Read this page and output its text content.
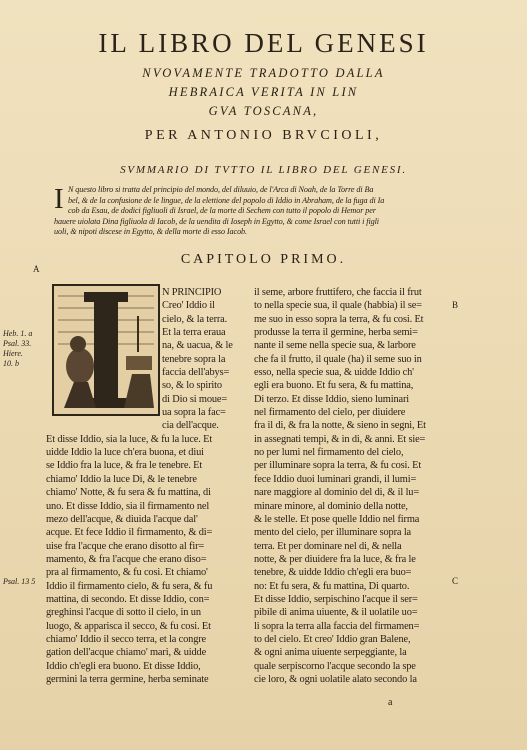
IL LIBRO DEL GENESI
NVOVAMENTE TRADOTTO DALLA
HEBRAICA VERITA IN LIN
GVA TOSCANA,
PER ANTONIO BRVCIOLI,
SVMMARIO DI TVTTO IL LIBRO DEL GENESI.
I N questo libro si tratta del principio del mondo, del diluuio, de l'Arca di Noah, de la Torre di Ba
bel, & de la confusione de le lingue, de la elettione del popolo di Iddio in Abraham, de la fuga di Ia
cob da Esau, de dodici figliuoli di Israel, de la morte di Sechem con tutto il popolo di Hemor per
hauere uiolata Dina figliuola di Iacob, de la uendita di Ioseph in Egytto, & come Israel con tutti i figli
uoli, & nipoti discese in Egytto, & della morte di esso Iacob.
CAPITOLO PRIMO.
A
B
C
Heb. 1. a
Psal. 33.
Hiere.
10. b
Psal. 13 5
N PRINCIPIO
Creo' Iddio il
cielo, & la terra.
Et la terra eraua
na, & uacua, & le
tenebre sopra la
faccia dell'abys=
so, & lo spirito
di Dio si moue=
ua sopra la fac=
cia dell'acque.
Et disse Iddio, sia la luce, & fu la luce. Et
uidde Iddio la luce ch'era buona, et diui
se Iddio fra la luce, & fra le tenebre. Et
chiamo' Iddio la luce Di, & le tenebre
chiamo' Notte, & fu sera & fu mattina, di
uno. Et disse Iddio, sia il firmamento nel
mezo dell'acque, & diuida l'acque dal'
acque. Et fece Iddio il firmamento, & di=
uise fra l'acque che erano disotto al fir=
mamento, & fra l'acque che erano diso=
pra al firmamento, & fu cosi. Et chiamo'
Iddio il firmamento cielo, & fu sera, & fu
mattina, di secondo. Et disse Iddio, con=
greghinsi l'acque di sotto il cielo, in un
luogo, & apparisca il secco, & fu cosi. Et
chiamo' Iddio il secco terra, et la congre
gation dell'acque chiamo' mari, & uidde
Iddio ch'egli era buono. Et disse Iddio,
germini la terra germine, herba seminate
il seme, arbore fruttifero, che faccia il frut
to nella specie sua, il quale (habbia) il se=
me suo in esso sopra la terra, & fu cosi. Et
produsse la terra il germine, herba semi=
nante il seme nella specie sua, & larbore
che fa il frutto, il quale (ha) il seme suo in
esso, nella specie sua, & uidde Iddio ch'
egli era buono. Et fu sera, & fu mattina,
Di terzo. Et disse Iddio, sieno luminari
nel firmamento del cielo, per diuidere
fra il di, & fra la notte, & sieno in segni, Et
in assegnati tempi, & in di, & anni. Et sie=
no per lumi nel firmamento del cielo,
per illuminare sopra la terra, & fu cosi. Et
fece Iddio duoi luminari grandi, il lumi=
nare maggiore al dominio del di, & il lu=
minare minore, al dominio della notte,
& le stelle. Et pose quelle Iddio nel firma
mento del cielo, per illuminare sopra la
terra. Et per dominare nel di, & nella
notte, & per diuidere fra la luce, & fra le
tenebre, & uidde Iddio ch'egli era buo=
no: Et fu sera, & fu mattina, Di quarto.
Et disse Iddio, serpischino l'acque il ser=
pibile di anima uiuente, & il uolatile uo=
li sopra la terra alla faccia del firmamen=
to del cielo. Et creo' Iddio gran Balene,
& ogni anima uiuente serpeggiante, la
quale serpiscorno l'acque secondo la spe
cie loro, & ogni uolatile alato secondo la
a
